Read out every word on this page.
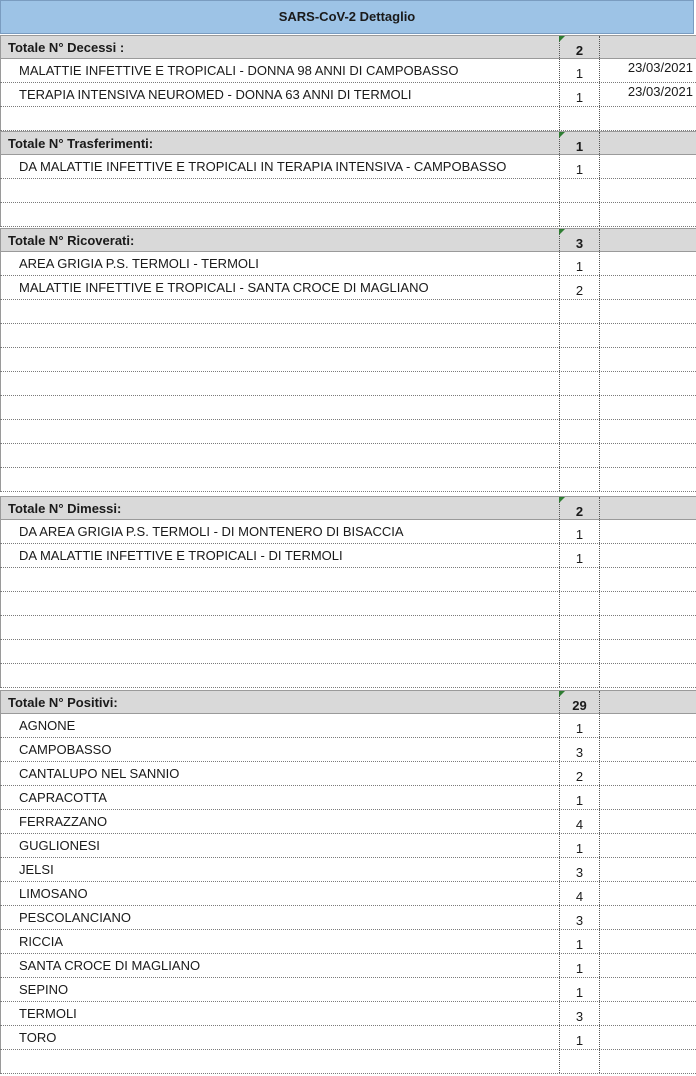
SARS-CoV-2 Dettaglio
Totale N° Decessi :	2
MALATTIE INFETTIVE E TROPICALI - DONNA 98 ANNI DI CAMPOBASSO	1	23/03/2021
TERAPIA INTENSIVA NEUROMED - DONNA 63 ANNI DI TERMOLI	1	23/03/2021
Totale N° Trasferimenti:	1
DA MALATTIE INFETTIVE E TROPICALI IN TERAPIA INTENSIVA - CAMPOBASSO	1
Totale N° Ricoverati:	3
AREA GRIGIA P.S. TERMOLI - TERMOLI	1
MALATTIE INFETTIVE E TROPICALI - SANTA CROCE DI MAGLIANO	2
Totale N° Dimessi:	2
DA AREA GRIGIA P.S. TERMOLI - DI MONTENERO DI BISACCIA	1
DA MALATTIE INFETTIVE E TROPICALI - DI TERMOLI	1
Totale N° Positivi:	29
AGNONE	1
CAMPOBASSO	3
CANTALUPO NEL SANNIO	2
CAPRACOTTA	1
FERRAZZANO	4
GUGLIONESI	1
JELSI	3
LIMOSANO	4
PESCOLANCIANO	3
RICCIA	1
SANTA CROCE DI MAGLIANO	1
SEPINO	1
TERMOLI	3
TORO	1
